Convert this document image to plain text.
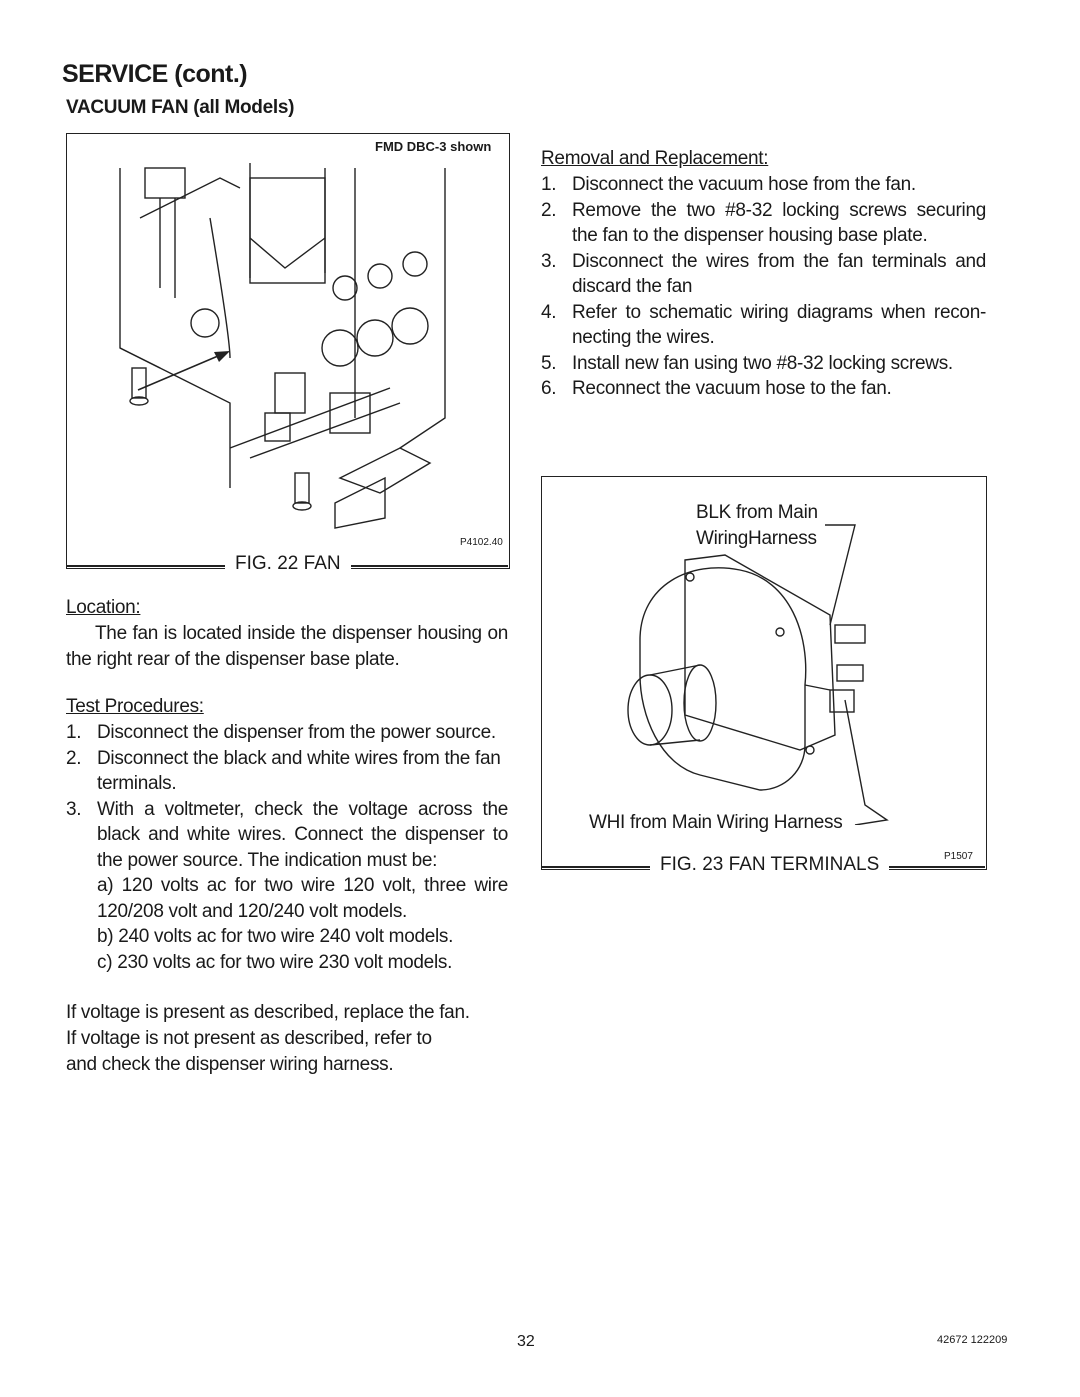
SERVICE (cont.)
VACUUM FAN (all Models)
FMD DBC-3 shown
P4102.40
FIG. 22 FAN
Location:
The fan is located inside the dispenser housing on the right rear of the dispenser base plate.
Test Procedures:
1. Disconnect the dispenser from the power source.
2. Disconnect the black and white wires from the fan terminals.
3. With a voltmeter, check the voltage across the black and white wires. Connect the dispenser to the power source. The indication must be:
a) 120 volts ac for two wire 120 volt, three wire 120/208 volt and 120/240 volt models.
b) 240 volts ac for two wire 240 volt models.
c) 230 volts ac for two wire 230 volt models.
If voltage is present as described, replace the fan.
If voltage is not present as described, refer to
and check the dispenser wiring harness.
Removal and Replacement:
1. Disconnect the vacuum hose from the fan.
2. Remove the two #8-32 locking screws securing the fan to the dispenser housing base plate.
3. Disconnect the wires from the fan terminals and discard the fan
4. Refer to schematic wiring diagrams when recon- necting the wires.
5. Install new fan using two #8-32 locking screws.
6. Reconnect the vacuum hose to the fan.
BLK from Main
WiringHarness
WHI from Main Wiring Harness
FIG. 23 FAN TERMINALS	P1507
32	42672 122209
